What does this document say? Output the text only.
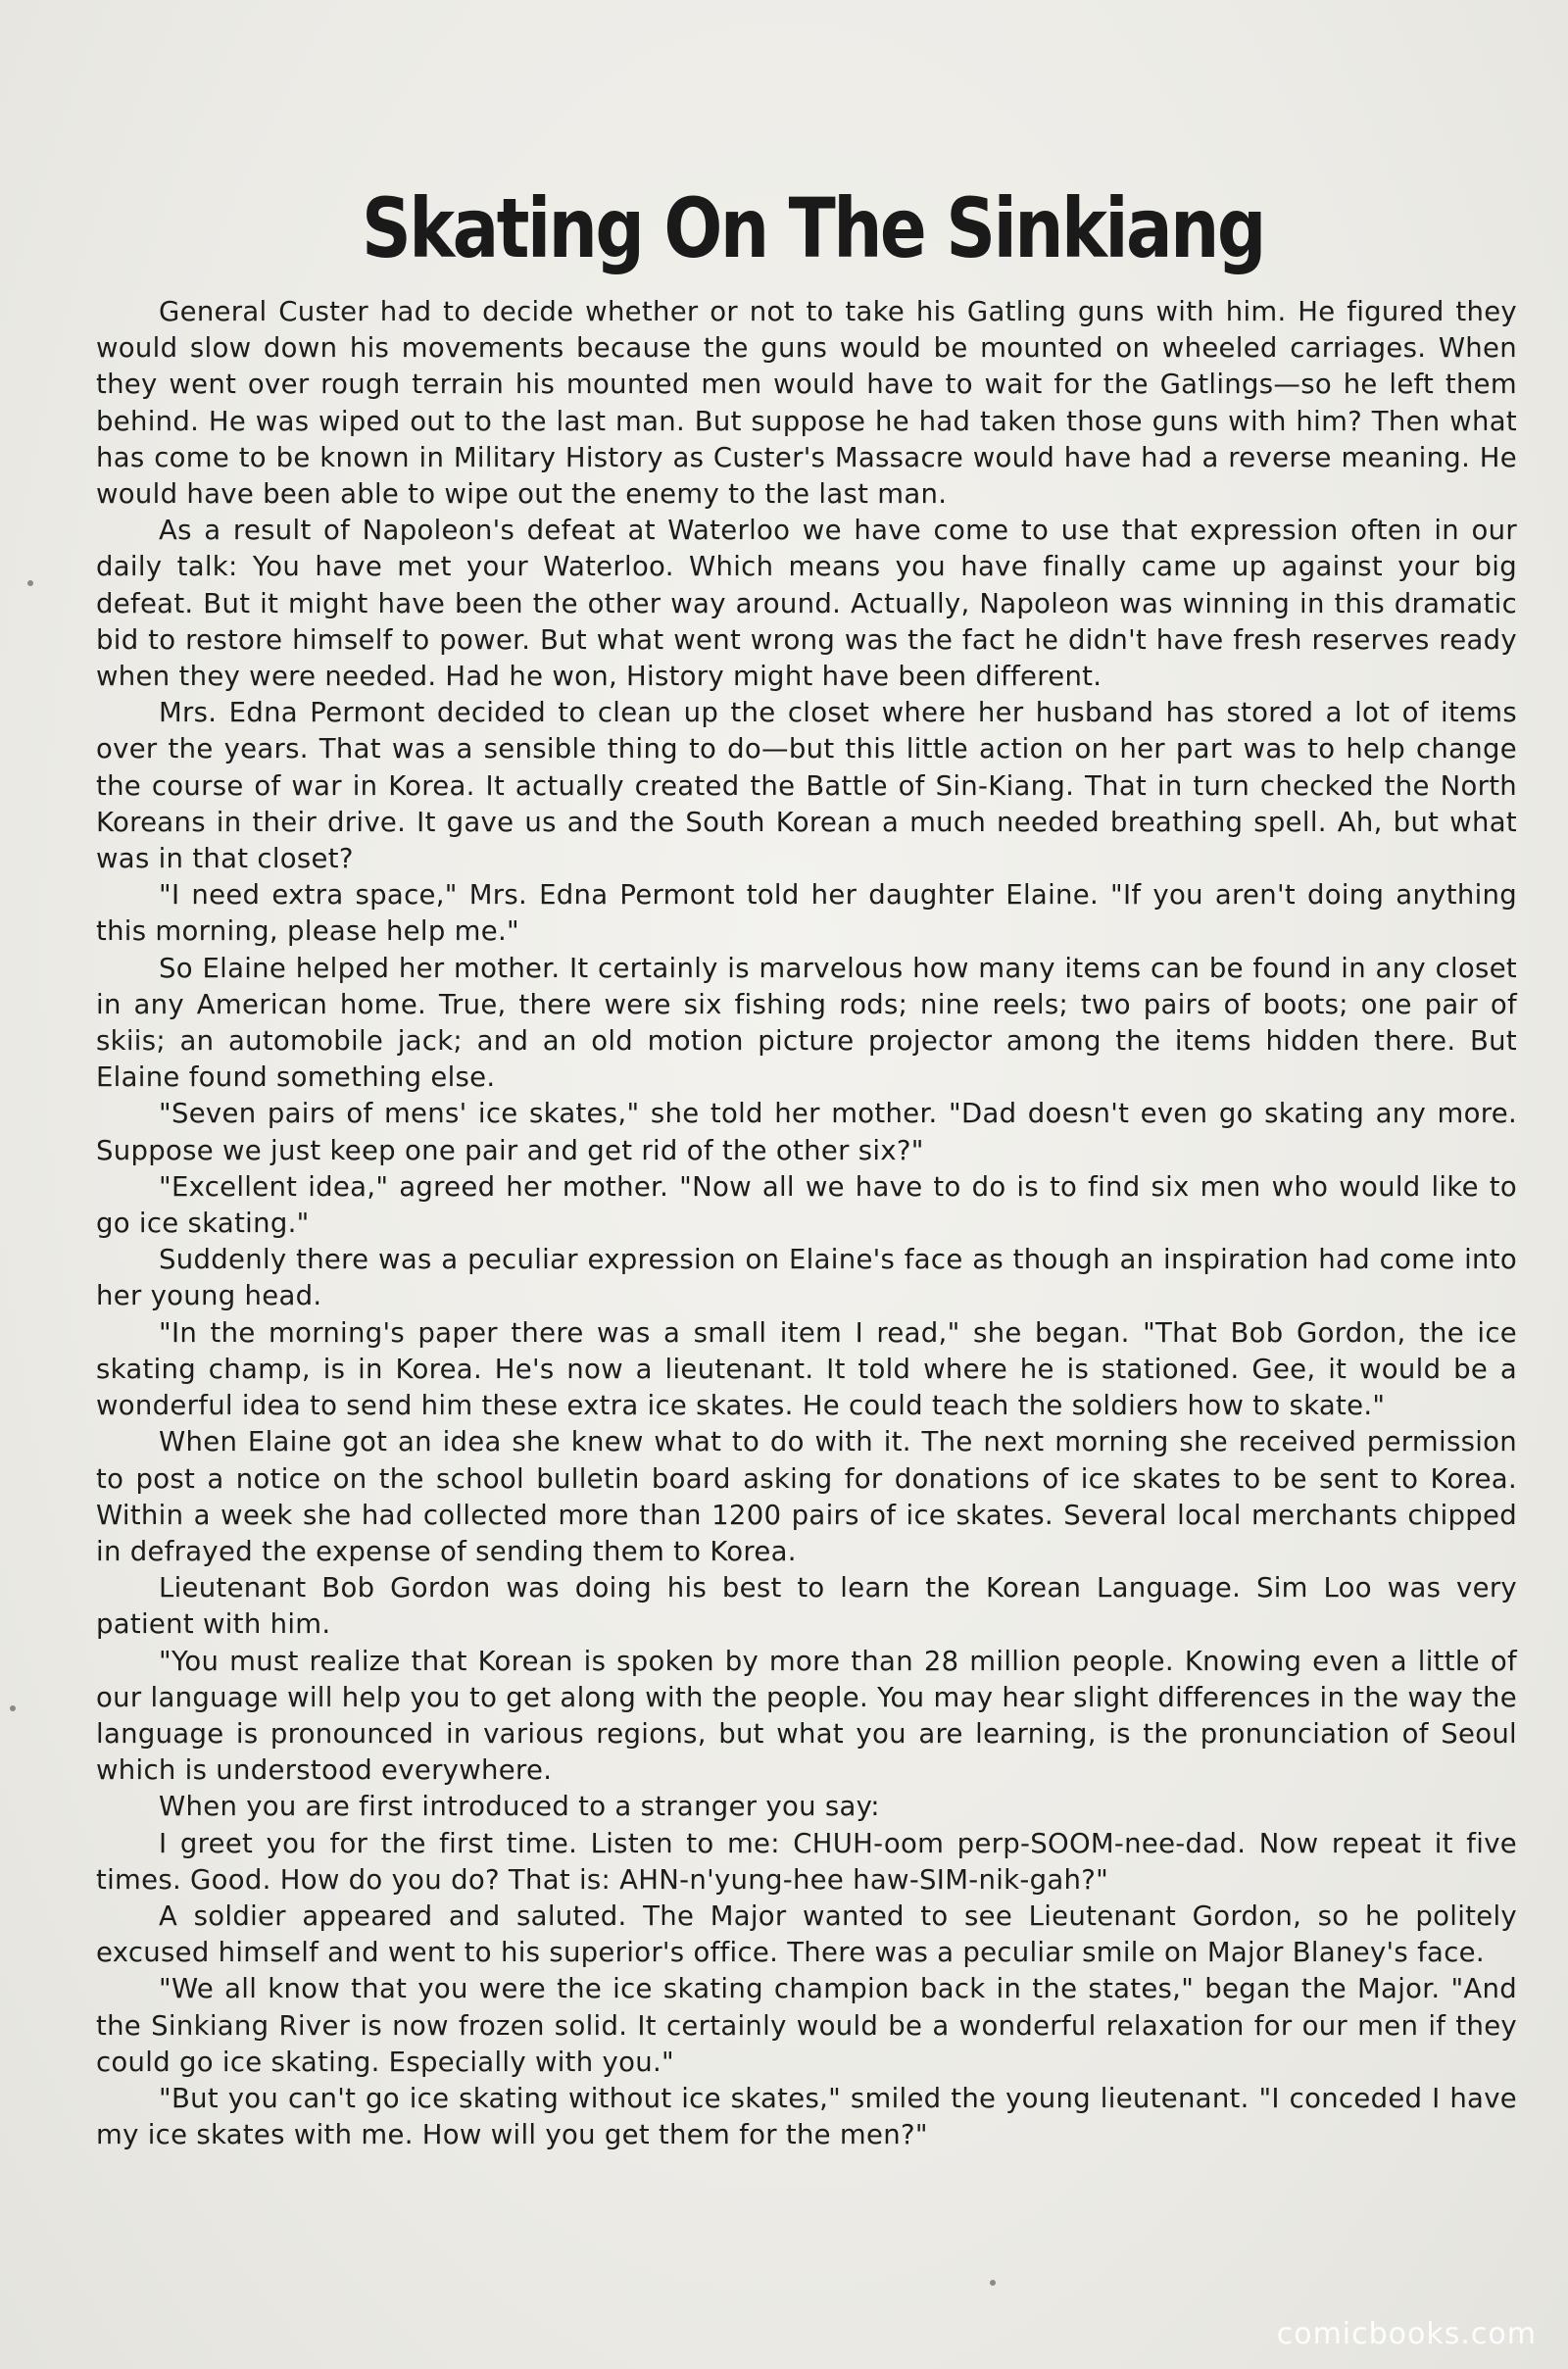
Skating On The Sinkiang

General Custer had to decide whether or not to take his Gatling guns with him. He figured they would slow down his movements because the guns would be mounted on wheeled carriages. When they went over rough terrain his mounted men would have to wait for the Gatlings—so he left them behind. He was wiped out to the last man. But suppose he had taken those guns with him? Then what has come to be known in Military History as Custer's Massacre would have had a reverse meaning. He would have been able to wipe out the enemy to the last man.

As a result of Napoleon's defeat at Waterloo we have come to use that expression often in our daily talk: You have met your Waterloo. Which means you have finally came up against your big defeat. But it might have been the other way around. Actually, Napoleon was winning in this dramatic bid to restore himself to power. But what went wrong was the fact he didn't have fresh reserves ready when they were needed. Had he won, History might have been different.

Mrs. Edna Permont decided to clean up the closet where her husband has stored a lot of items over the years. That was a sensible thing to do—but this little action on her part was to help change the course of war in Korea. It actually created the Battle of Sin-Kiang. That in turn checked the North Koreans in their drive. It gave us and the South Korean a much needed breathing spell. Ah, but what was in that closet?

"I need extra space," Mrs. Edna Permont told her daughter Elaine. "If you aren't doing anything this morning, please help me."

So Elaine helped her mother. It certainly is marvelous how many items can be found in any closet in any American home. True, there were six fishing rods; nine reels; two pairs of boots; one pair of skiis; an automobile jack; and an old motion picture projector among the items hidden there. But Elaine found something else.

"Seven pairs of mens' ice skates," she told her mother. "Dad doesn't even go skating any more. Suppose we just keep one pair and get rid of the other six?"

"Excellent idea," agreed her mother. "Now all we have to do is to find six men who would like to go ice skating."

Suddenly there was a peculiar expression on Elaine's face as though an inspiration had come into her young head.

"In the morning's paper there was a small item I read," she began. "That Bob Gordon, the ice skating champ, is in Korea. He's now a lieutenant. It told where he is stationed. Gee, it would be a wonderful idea to send him these extra ice skates. He could teach the soldiers how to skate."

When Elaine got an idea she knew what to do with it. The next morning she received permission to post a notice on the school bulletin board asking for donations of ice skates to be sent to Korea. Within a week she had collected more than 1200 pairs of ice skates. Several local merchants chipped in defrayed the expense of sending them to Korea.

Lieutenant Bob Gordon was doing his best to learn the Korean Language. Sim Loo was very patient with him.

"You must realize that Korean is spoken by more than 28 million people. Knowing even a little of our language will help you to get along with the people. You may hear slight differences in the way the language is pronounced in various regions, but what you are learning, is the pronunciation of Seoul which is understood everywhere.

When you are first introduced to a stranger you say:

I greet you for the first time. Listen to me: CHUH-oom perp-SOOM-nee-dad. Now repeat it five times. Good. How do you do? That is: AHN-n'yung-hee haw-SIM-nik-gah?"

A soldier appeared and saluted. The Major wanted to see Lieutenant Gordon, so he politely excused himself and went to his superior's office. There was a peculiar smile on Major Blaney's face.

"We all know that you were the ice skating champion back in the states," began the Major. "And the Sinkiang River is now frozen solid. It certainly would be a wonderful relaxation for our men if they could go ice skating. Especially with you."

"But you can't go ice skating without ice skates," smiled the young lieutenant. "I conceded I have my ice skates with me. How will you get them for the men?"

comicbooks.com
